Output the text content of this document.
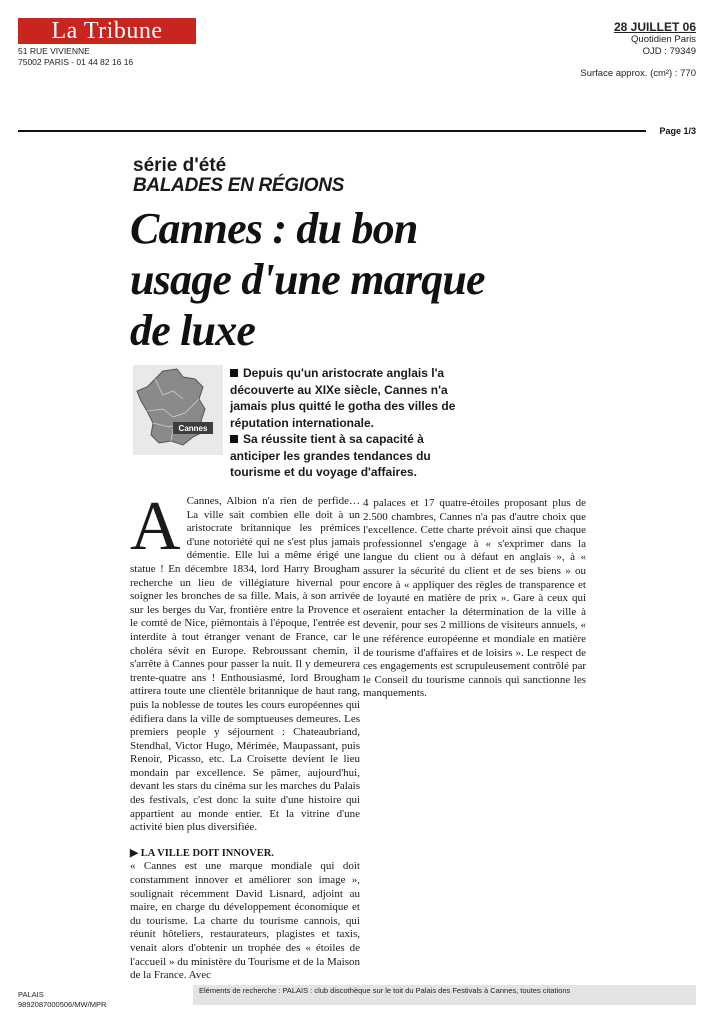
La Tribune
51 RUE VIVIENNE
75002 PARIS - 01 44 82 16 16
28 JUILLET 06
Quotidien Paris
OJD : 79349
Surface approx. (cm²) : 770
Page 1/3
série d'été
BALADES EN RÉGIONS
Cannes : du bon usage d'une marque de luxe
Cannes

Depuis qu'un aristocrate anglais l'a découverte au XIXe siècle, Cannes n'a jamais plus quitté le gotha des villes de réputation internationale.

Sa réussite tient à sa capacité à anticiper les grandes tendances du tourisme et du voyage d'affaires.

A Cannes, Albion n'a rien de perfide… La ville sait combien elle doit à un aristocrate britannique les prémices d'une notoriété qui ne s'est plus jamais démentie. Elle lui a même érigé une statue ! En décembre 1834, lord Harry Brougham recherche un lieu de villégiature hivernal pour soigner les bronches de sa fille. Mais, à son arrivée sur les berges du Var, frontière entre la Provence et le comté de Nice, piémontais à l'époque, l'entrée est interdite à tout étranger venant de France, car le choléra sévit en Europe. Rebroussant chemin, il s'arrête à Cannes pour passer la nuit. Il y demeurera trente-quatre ans ! Enthousiasmé, lord Brougham attirera toute une clientèle britannique de haut rang, puis la noblesse de toutes les cours européennes qui édifiera dans la ville de somptueuses demeures. Les premiers people y séjournent : Chateaubriand, Stendhal, Victor Hugo, Mérimée, Maupassant, puis Renoir, Picasso, etc. La Croisette devient le lieu mondain par excellence. Se pâmer, aujourd'hui, devant les stars du cinéma sur les marches du Palais des festivals, c'est donc la suite d'une histoire qui appartient au monde entier. Et la vitrine d'une activité bien plus diversifiée.

▶ LA VILLE DOIT INNOVER.

« Cannes est une marque mondiale qui doit constamment innover et améliorer son image », soulignait récemment David Lisnard, adjoint au maire, en charge du développement économique et du tourisme. La charte du tourisme cannois, qui réunit hôteliers, restaurateurs, plagistes et taxis, venait alors d'obtenir un trophée des « étoiles de l'accueil » du ministère du Tourisme et de la Maison de la France. Avec

4 palaces et 17 quatre-étoiles proposant plus de 2.500 chambres, Cannes n'a pas d'autre choix que l'excellence. Cette charte prévoit ainsi que chaque professionnel s'engage à « s'exprimer dans la langue du client ou à défaut en anglais », à « assurer la sécurité du client et de ses biens » ou encore à « appliquer des règles de transparence et de loyauté en matière de prix ». Gare à ceux qui oseraient entacher la détermination de la ville à devenir, pour ses 2 millions de visiteurs annuels, « une référence européenne et mondiale en matière de tourisme d'affaires et de loisirs ». Le respect de ces engagements est scrupuleusement contrôlé par le Conseil du tourisme cannois qui sanctionne les manquements.

PALAIS
9892087000506/MW/MPR
Eléments de recherche : PALAIS : club discothèque sur le toit du Palais des Festivals à Cannes, toutes citations
